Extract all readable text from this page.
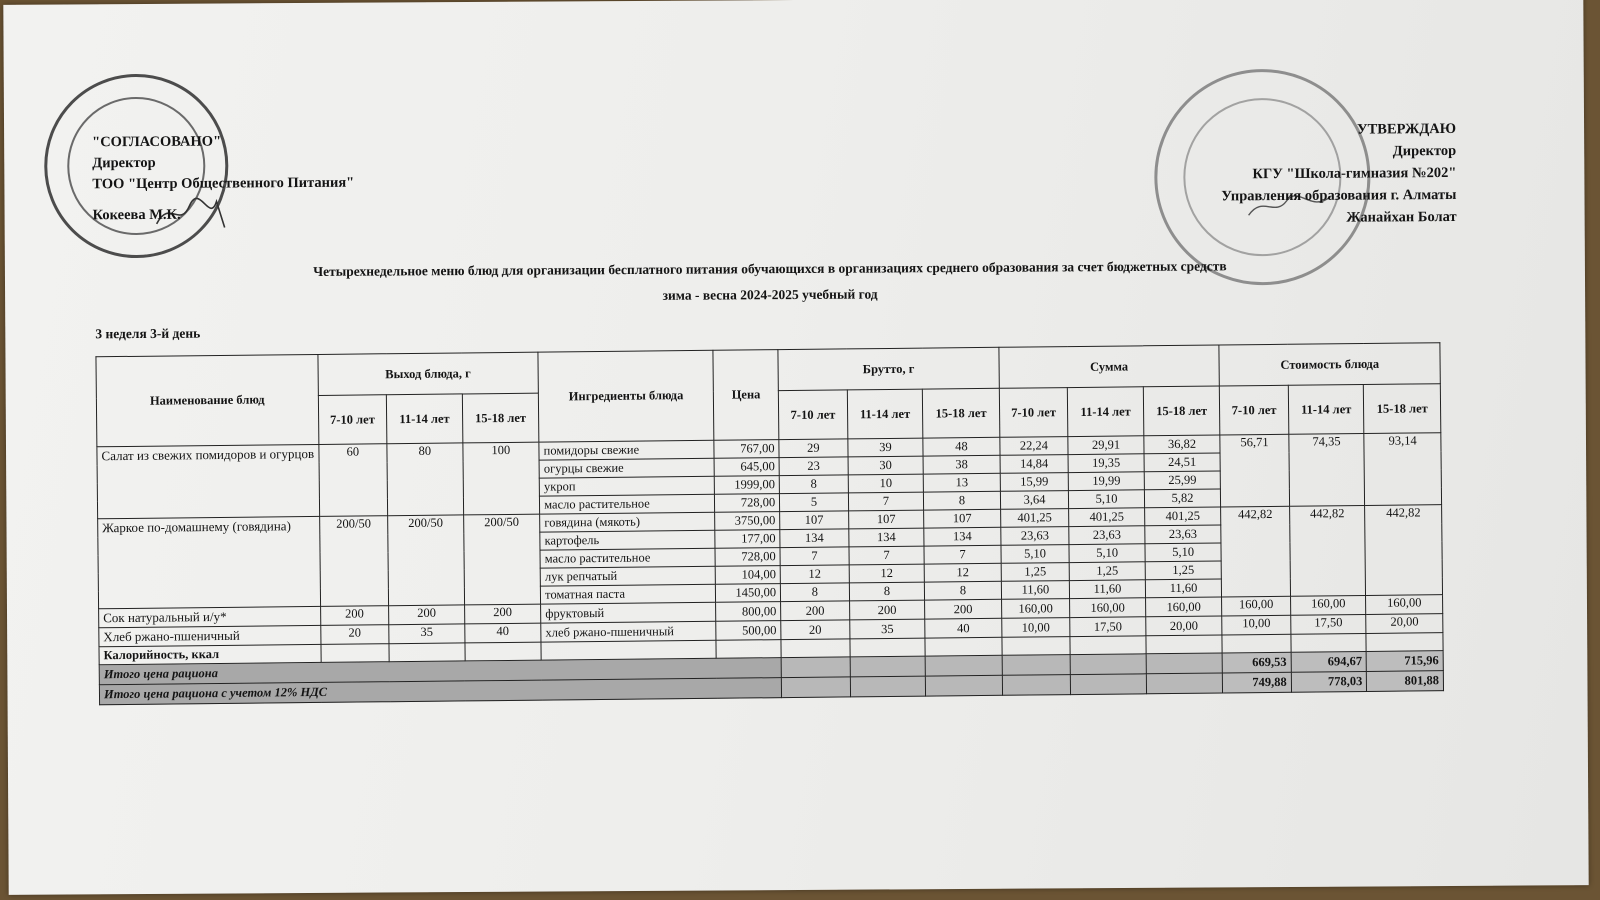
"СОГЛАСОВАНО"
Директор
ТОО "Центр Общественного Питания"
Кокеева М.К.
УТВЕРЖДАЮ
Директор
КГУ "Школа-гимназия №202"
Управления образования г. Алматы
Жанайхан Болат
Четырехнедельное меню блюд для организации бесплатного питания обучающихся в организациях среднего образования за счет бюджетных средств
зима - весна 2024-2025 учебный год
3 неделя 3-й день
Наименование блюд	Выход блюда, г			Ингредиенты блюда	Цена	Брутто, г			Сумма			Стоимость блюда		
	7-10 лет	11-14 лет	15-18 лет			7-10 лет	11-14 лет	15-18 лет	7-10 лет	11-14 лет	15-18 лет	7-10 лет	11-14 лет	15-18 лет
Салат из свежих помидоров и огурцов	60	80	100	помидоры свежие	767,00	29	39	48	22,24	29,91	36,82	56,71	74,35	93,14
				огурцы свежие	645,00	23	30	38	14,84	19,35	24,51			
				укроп	1999,00	8	10	13	15,99	19,99	25,99			
				масло растительное	728,00	5	7	8	3,64	5,10	5,82			
Жаркое по-домашнему (говядина)	200/50	200/50	200/50	говядина (мякоть)	3750,00	107	107	107	401,25	401,25	401,25	442,82	442,82	442,82
				картофель	177,00	134	134	134	23,63	23,63	23,63			
				масло растительное	728,00	7	7	7	5,10	5,10	5,10			
				лук репчатый	104,00	12	12	12	1,25	1,25	1,25			
				томатная паста	1450,00	8	8	8	11,60	11,60	11,60			
Сок натуральный и/у*	200	200	200	фруктовый	800,00	200	200	200	160,00	160,00	160,00	160,00	160,00	160,00
Хлеб ржано-пшеничный	20	35	40	хлеб ржано-пшеничный	500,00	20	35	40	10,00	17,50	20,00	10,00	17,50	20,00
Калорийность, ккал														
Итого цена рациона												669,53	694,67	715,96
Итого цена рациона с учетом 12% НДС												749,88	778,03	801,88
